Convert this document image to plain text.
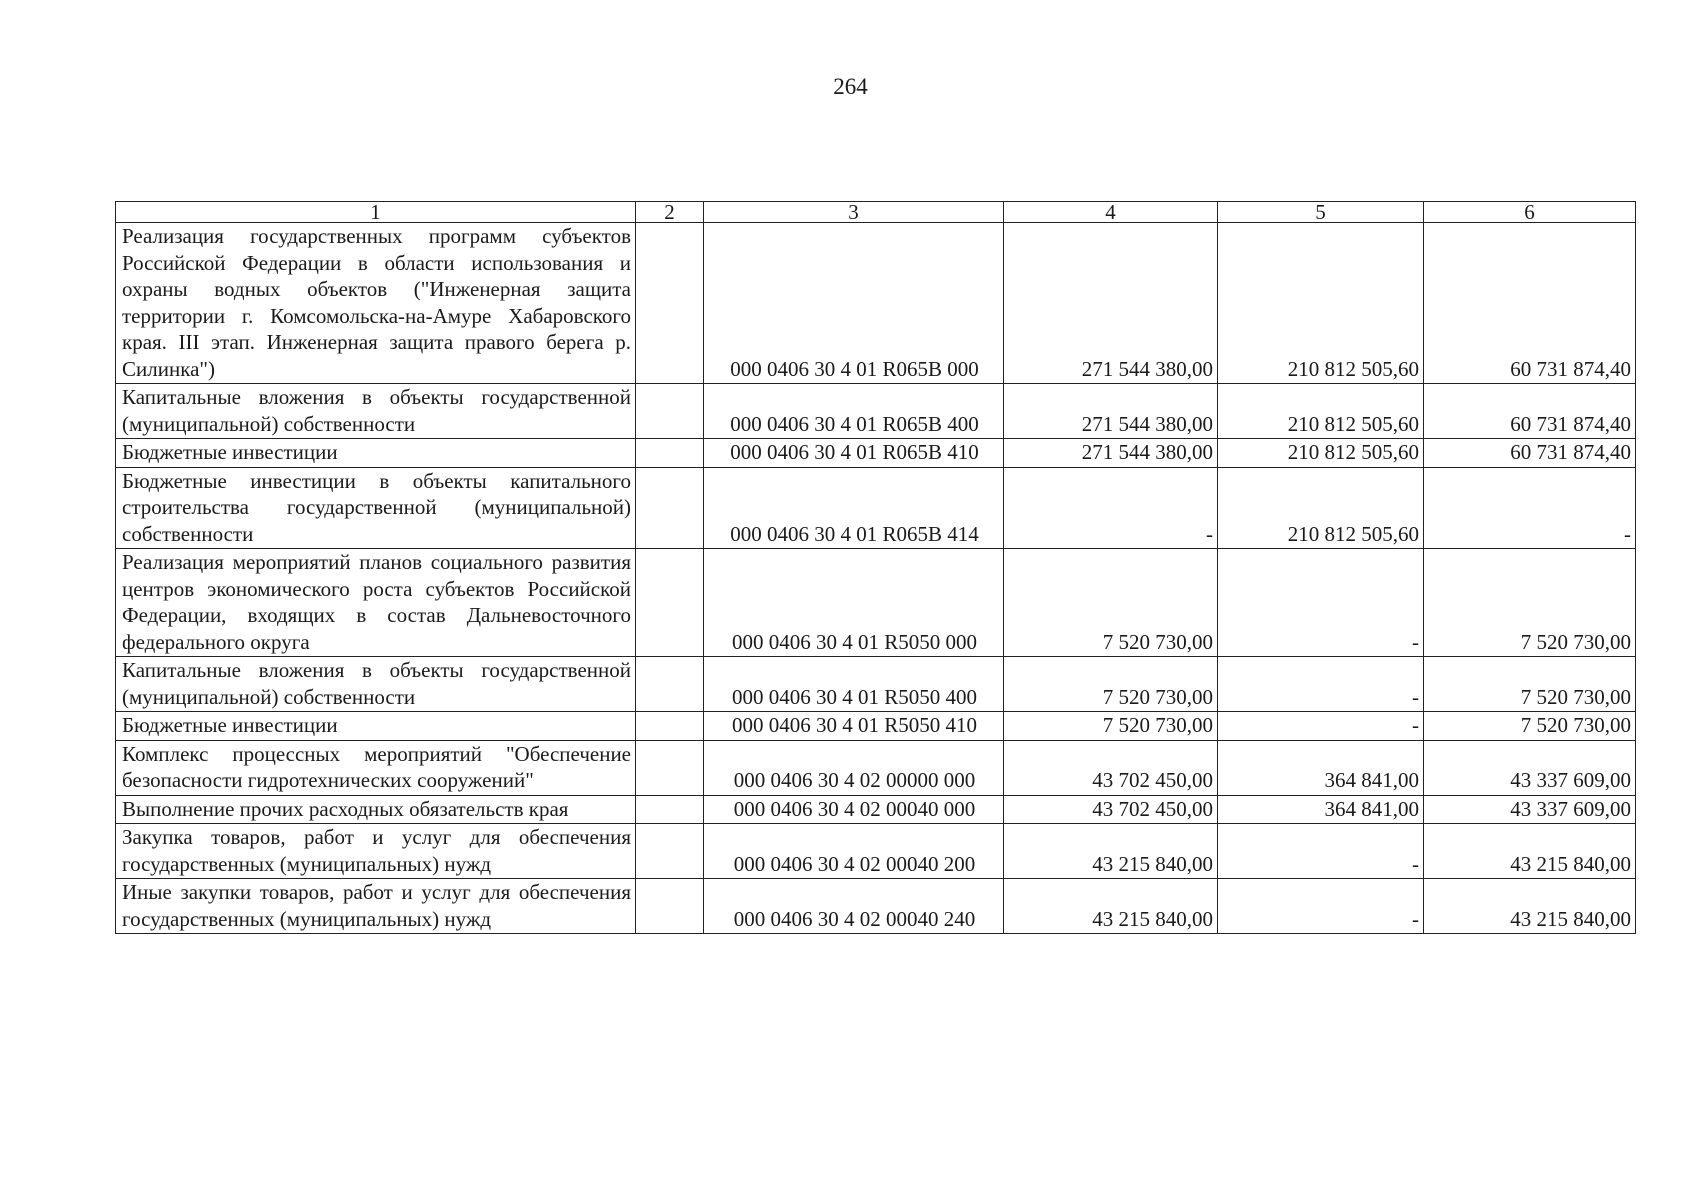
264
1	2	3	4	5	6
Реализация государственных программ субъектов Российской Федерации в области использования и охраны водных объектов ("Инженерная защита территории г. Комсомольска-на-Амуре Хабаровского края. III этап. Инженерная защита правого берега р. Силинка")		000 0406 30 4 01 R065B 000	271 544 380,00	210 812 505,60	60 731 874,40
Капитальные вложения в объекты государственной (муниципальной) собственности		000 0406 30 4 01 R065B 400	271 544 380,00	210 812 505,60	60 731 874,40
Бюджетные инвестиции		000 0406 30 4 01 R065B 410	271 544 380,00	210 812 505,60	60 731 874,40
Бюджетные инвестиции в объекты капитального строительства государственной (муниципальной) собственности		000 0406 30 4 01 R065B 414	-	210 812 505,60	-
Реализация мероприятий планов социального развития центров экономического роста субъектов Российской Федерации, входящих в состав Дальневосточного федерального округа		000 0406 30 4 01 R5050 000	7 520 730,00	-	7 520 730,00
Капитальные вложения в объекты государственной (муниципальной) собственности		000 0406 30 4 01 R5050 400	7 520 730,00	-	7 520 730,00
Бюджетные инвестиции		000 0406 30 4 01 R5050 410	7 520 730,00	-	7 520 730,00
Комплекс процессных мероприятий "Обеспечение безопасности гидротехнических сооружений"		000 0406 30 4 02 00000 000	43 702 450,00	364 841,00	43 337 609,00
Выполнение прочих расходных обязательств края		000 0406 30 4 02 00040 000	43 702 450,00	364 841,00	43 337 609,00
Закупка товаров, работ и услуг для обеспечения государственных (муниципальных) нужд		000 0406 30 4 02 00040 200	43 215 840,00	-	43 215 840,00
Иные закупки товаров, работ и услуг для обеспечения государственных (муниципальных) нужд		000 0406 30 4 02 00040 240	43 215 840,00	-	43 215 840,00
